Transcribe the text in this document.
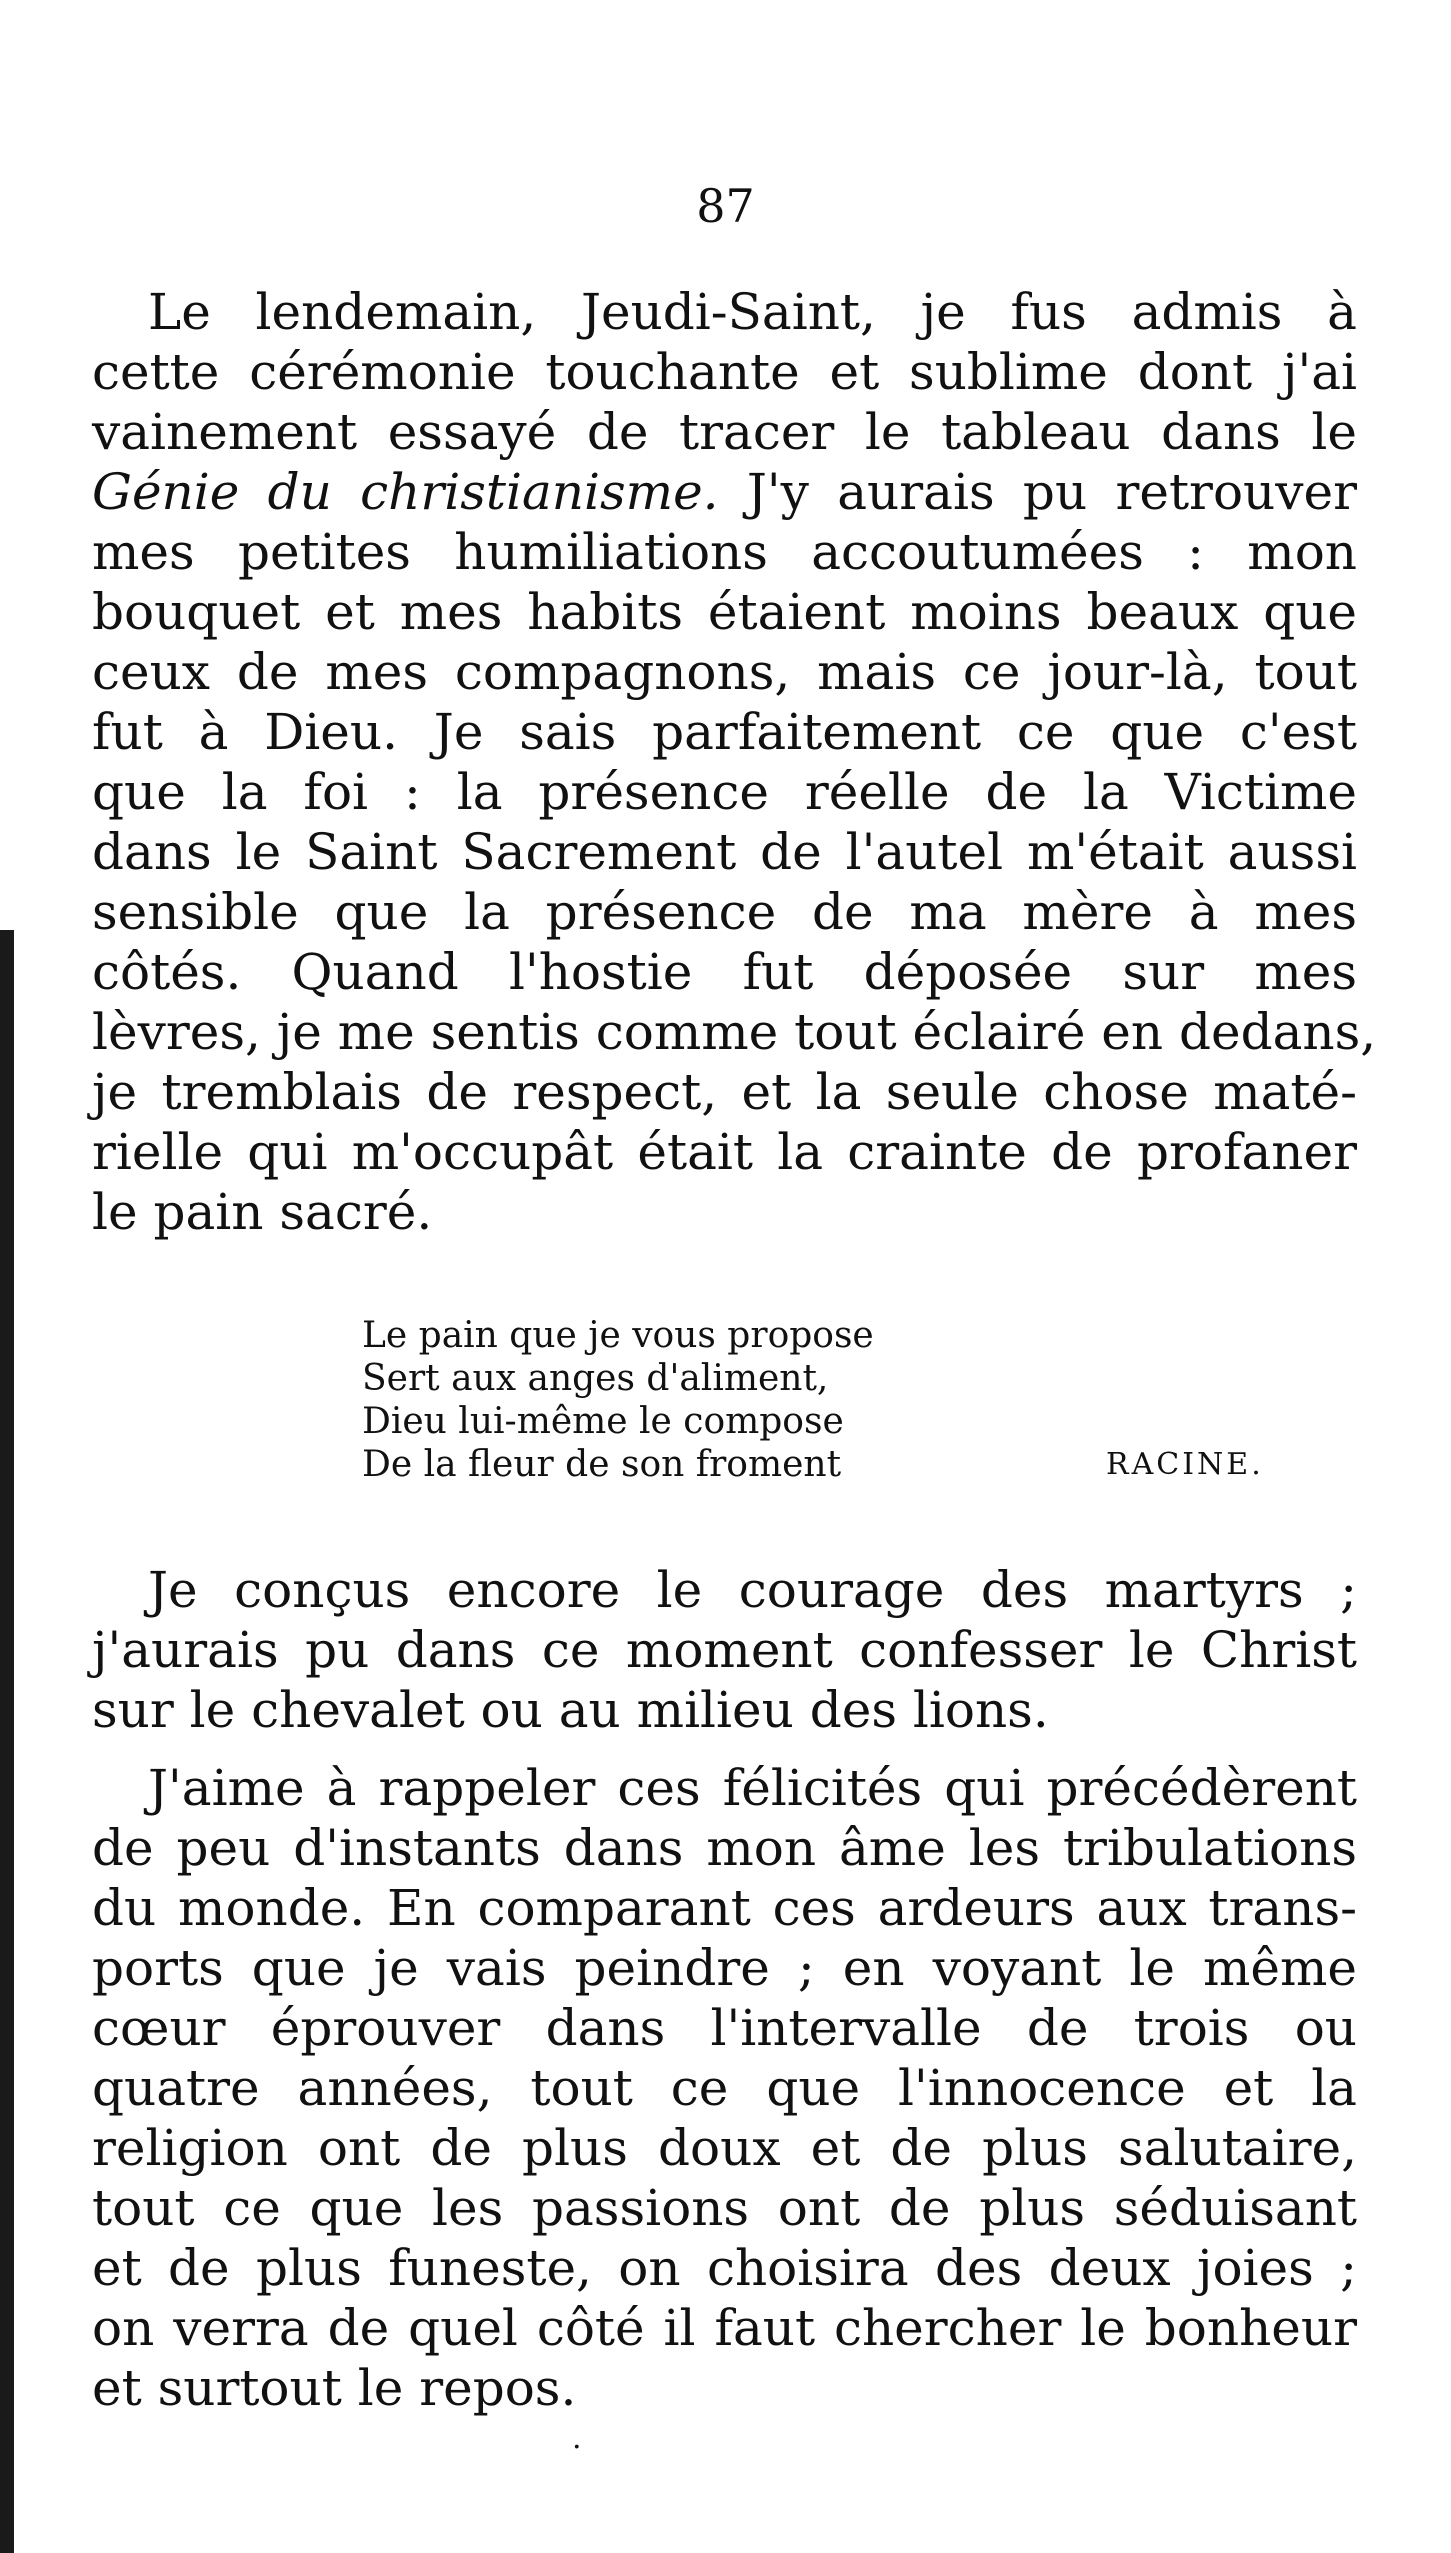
87
Le lendemain, Jeudi-Saint, je fus admis à
cette cérémonie touchante et sublime dont j'ai
vainement essayé de tracer le tableau dans le
Génie du christianisme. J'y aurais pu retrouver
mes petites humiliations accoutumées : mon
bouquet et mes habits étaient moins beaux que
ceux de mes compagnons, mais ce jour-là, tout
fut à Dieu. Je sais parfaitement ce que c'est
que la foi : la présence réelle de la Victime
dans le Saint Sacrement de l'autel m'était aussi
sensible que la présence de ma mère à mes
côtés. Quand l'hostie fut déposée sur mes
lèvres, je me sentis comme tout éclairé en dedans,
je tremblais de respect, et la seule chose maté-
rielle qui m'occupât était la crainte de profaner
le pain sacré.
Le pain que je vous propose
Sert aux anges d'aliment,
Dieu lui-même le compose
De la fleur de son froment	RACINE.
Je conçus encore le courage des martyrs ;
j'aurais pu dans ce moment confesser le Christ
sur le chevalet ou au milieu des lions.
J'aime à rappeler ces félicités qui précédèrent
de peu d'instants dans mon âme les tribulations
du monde. En comparant ces ardeurs aux trans-
ports que je vais peindre ; en voyant le même
cœur éprouver dans l'intervalle de trois ou
quatre années, tout ce que l'innocence et la
religion ont de plus doux et de plus salutaire,
tout ce que les passions ont de plus séduisant
et de plus funeste, on choisira des deux joies ;
on verra de quel côté il faut chercher le bonheur
et surtout le repos.
.
